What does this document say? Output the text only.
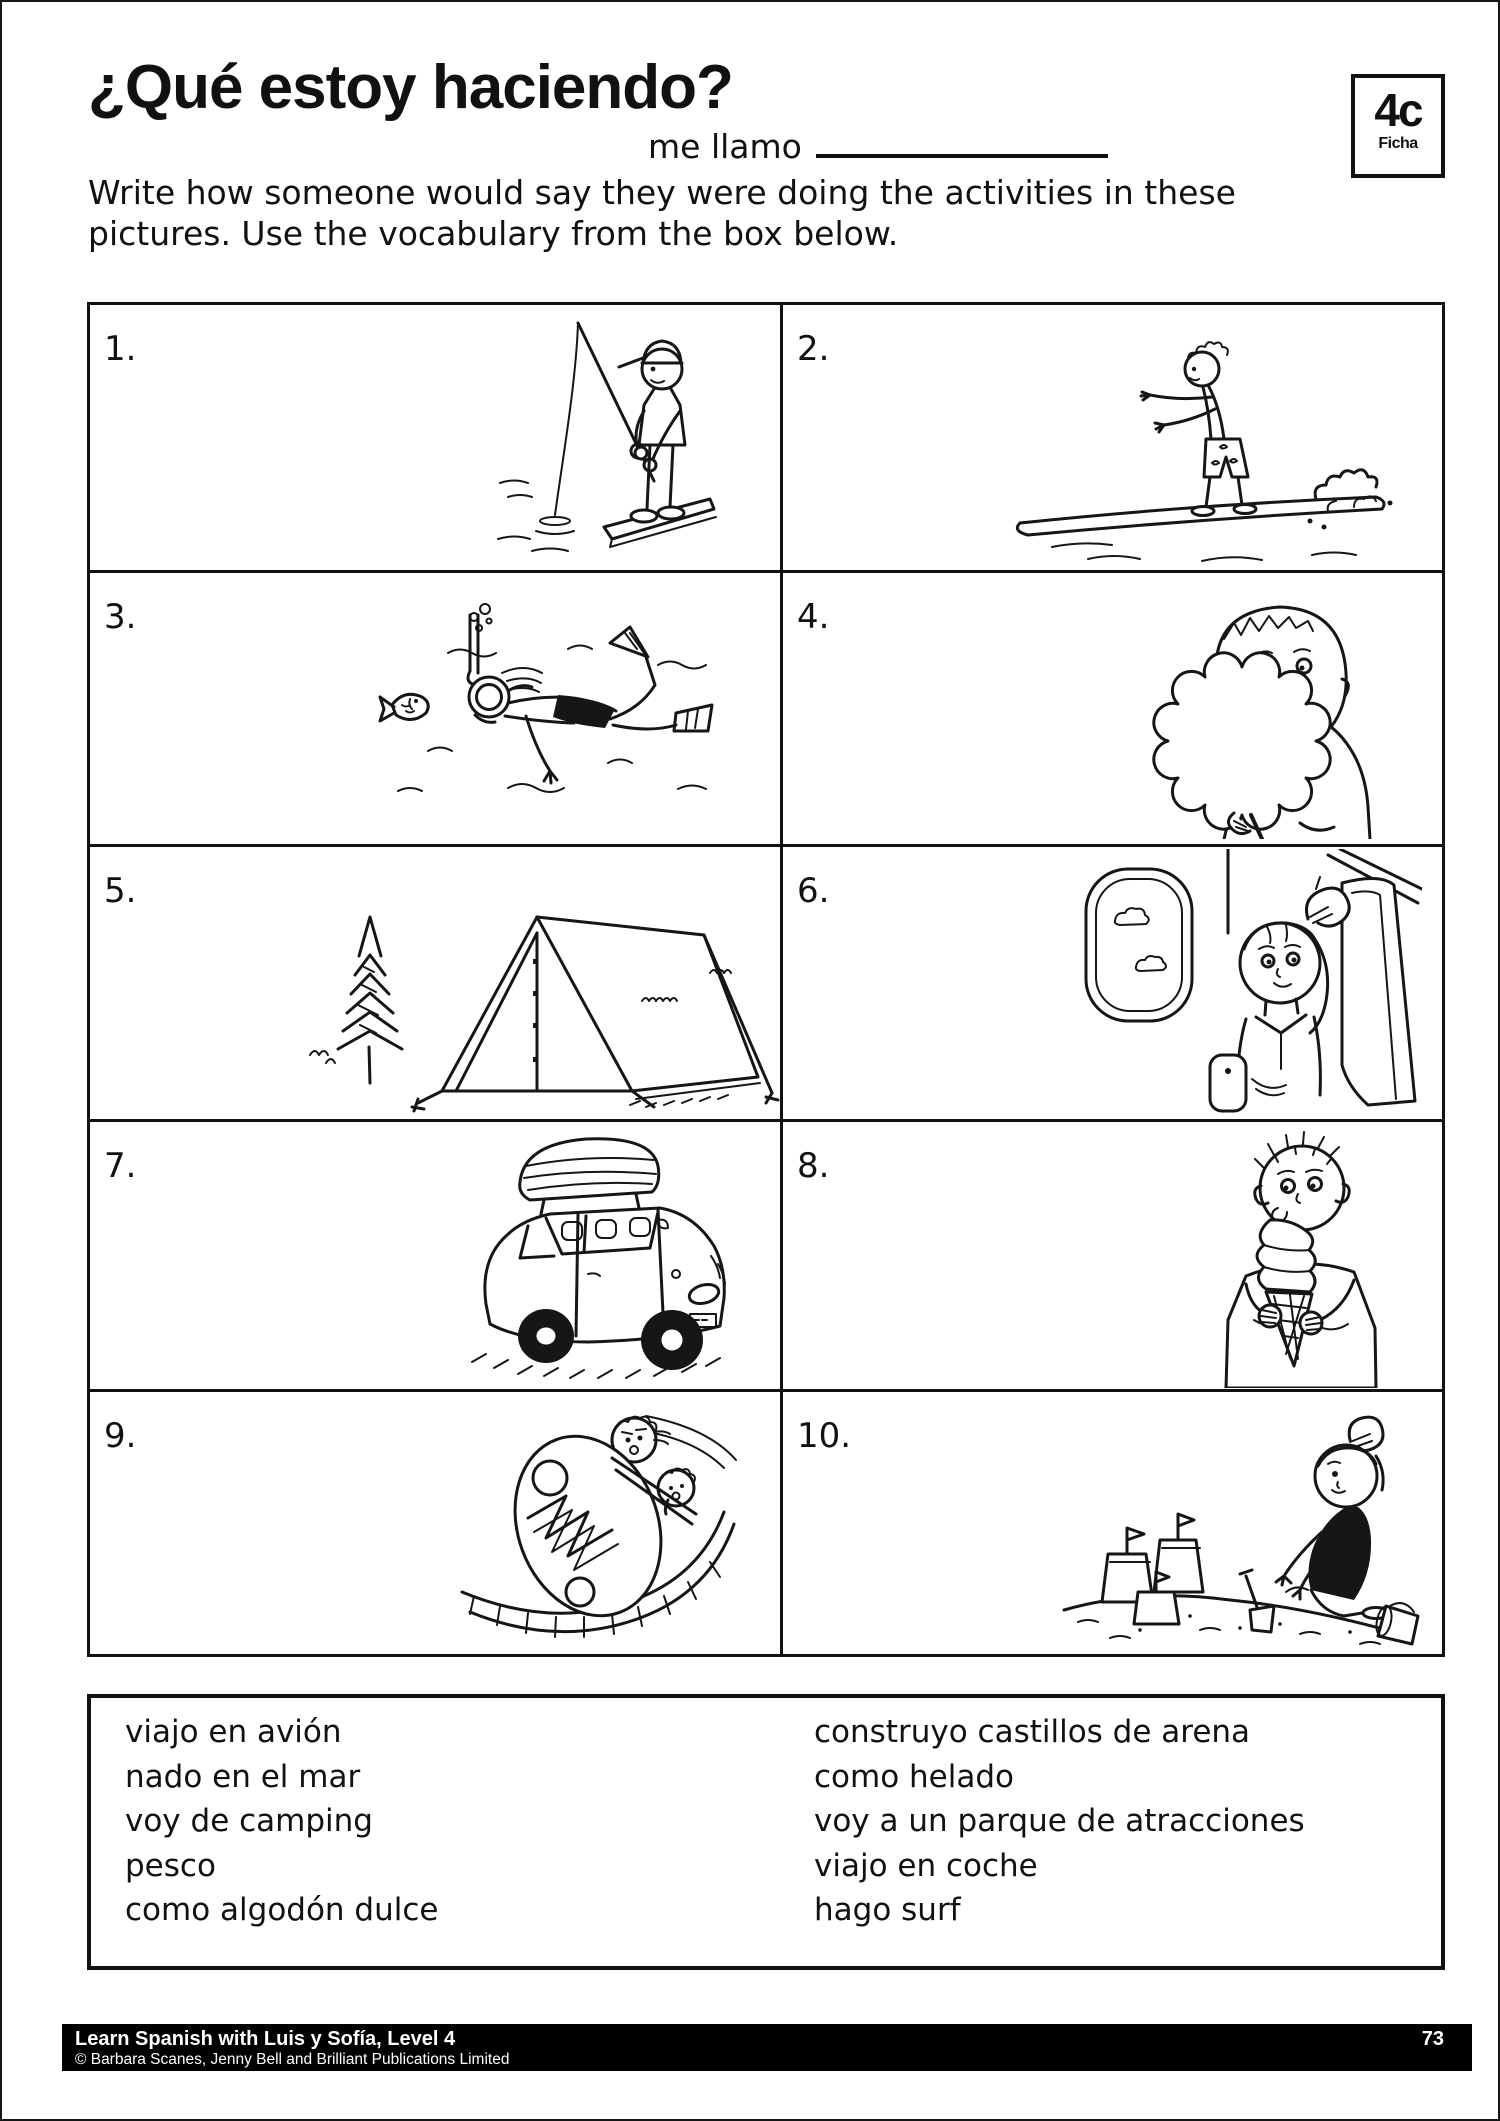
¿Qué estoy haciendo?	4c
Ficha
me llamo

Write how someone would say they were doing the activities in these pictures. Use the vocabulary from the box below.

1.	2.
3.	4.
5.	6.
7.	8.
9.	10.
viajo en avión
nado en el mar
voy de camping
pesco
como algodón dulce
construyo castillos de arena
como helado
voy a un parque de atracciones
viajo en coche
hago surf
Learn Spanish with Luis y Sofía, Level 4
© Barbara Scanes, Jenny Bell and Brilliant Publications Limited
73
